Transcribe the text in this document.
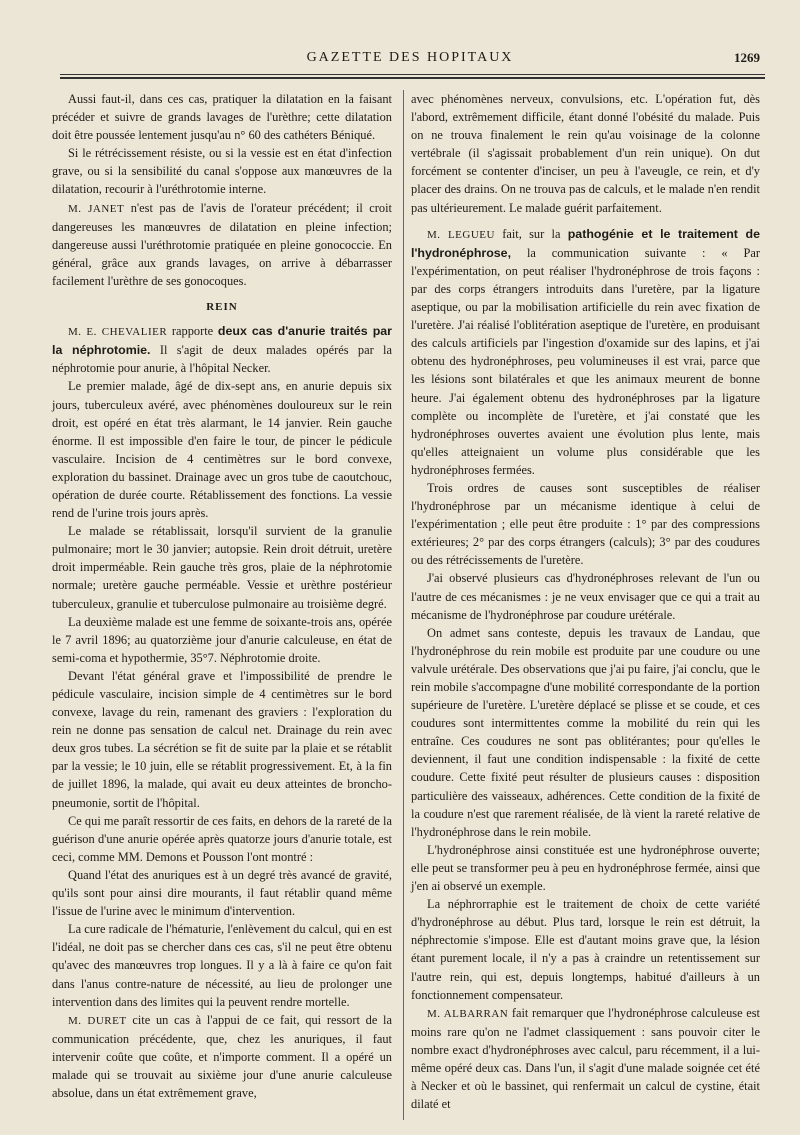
GAZETTE DES HOPITAUX	1269

Aussi faut-il, dans ces cas, pratiquer la dilatation en la faisant précéder et suivre de grands lavages de l'urèthre; cette dilatation doit être poussée lentement jusqu'au n° 60 des cathéters Béniqué.

Si le rétrécissement résiste, ou si la vessie est en état d'infection grave, ou si la sensibilité du canal s'oppose aux manœuvres de la dilatation, recourir à l'uréthrotomie interne.

M. JANET n'est pas de l'avis de l'orateur précédent; il croit dangereuses les manœuvres de dilatation en pleine infection; dangereuse aussi l'uréthrotomie pratiquée en pleine gonococcie. En général, grâce aux grands lavages, on arrive à débarrasser facilement l'urèthre de ses gonocoques.

REIN

M. E. CHEVALIER rapporte deux cas d'anurie traités par la néphrotomie. Il s'agit de deux malades opérés par la néphrotomie pour anurie, à l'hôpital Necker.

Le premier malade, âgé de dix-sept ans, en anurie depuis six jours, tuberculeux avéré, avec phénomènes douloureux sur le rein droit, est opéré en état très alarmant, le 14 janvier. Rein gauche énorme. Il est impossible d'en faire le tour, de pincer le pédicule vasculaire. Incision de 4 centimètres sur le bord convexe, exploration du bassinet. Drainage avec un gros tube de caoutchouc, opération de durée courte. Rétablissement des fonctions. La vessie rend de l'urine trois jours après.

Le malade se rétablissait, lorsqu'il survient de la granulie pulmonaire; mort le 30 janvier; autopsie. Rein droit détruit, uretère droit imperméable. Rein gauche très gros, plaie de la néphrotomie normale; uretère gauche perméable. Vessie et urèthre postérieur tuberculeux, granulie et tuberculose pulmonaire au troisième degré.

La deuxième malade est une femme de soixante-trois ans, opérée le 7 avril 1896; au quatorzième jour d'anurie calculeuse, en état de semi-coma et hypothermie, 35°7. Néphrotomie droite.

Devant l'état général grave et l'impossibilité de prendre le pédicule vasculaire, incision simple de 4 centimètres sur le bord convexe, lavage du rein, ramenant des graviers : l'exploration du rein ne donne pas sensation de calcul net. Drainage du rein avec deux gros tubes. La sécrétion se fit de suite par la plaie et se rétablit par la vessie; le 10 juin, elle se rétablit progressivement. Et, à la fin de juillet 1896, la malade, qui avait eu deux atteintes de broncho-pneumonie, sortit de l'hôpital.

Ce qui me paraît ressortir de ces faits, en dehors de la rareté de la guérison d'une anurie opérée après quatorze jours d'anurie totale, est ceci, comme MM. Demons et Pousson l'ont montré :

Quand l'état des anuriques est à un degré très avancé de gravité, qu'ils sont pour ainsi dire mourants, il faut rétablir quand même l'issue de l'urine avec le minimum d'intervention.

La cure radicale de l'hématurie, l'enlèvement du calcul, qui en est l'idéal, ne doit pas se chercher dans ces cas, s'il ne peut être obtenu qu'avec des manœuvres trop longues. Il y a là à faire ce qu'on fait dans l'anus contre-nature de nécessité, au lieu de prolonger une intervention dans des limites qui la peuvent rendre mortelle.

M. DURET cite un cas à l'appui de ce fait, qui ressort de la communication précédente, que, chez les anuriques, il faut intervenir coûte que coûte, et n'importe comment. Il a opéré un malade qui se trouvait au sixième jour d'une anurie calculeuse absolue, dans un état extrêmement grave,

avec phénomènes nerveux, convulsions, etc. L'opération fut, dès l'abord, extrêmement difficile, étant donné l'obésité du malade. Puis on ne trouva finalement le rein qu'au voisinage de la colonne vertébrale (il s'agissait probablement d'un rein unique). On dut forcément se contenter d'inciser, un peu à l'aveugle, ce rein, et d'y placer des drains. On ne trouva pas de calculs, et le malade n'en rendit pas ultérieurement. Le malade guérit parfaitement.

M. LEGUEU fait, sur la pathogénie et le traitement de l'hydronéphrose, la communication suivante : « Par l'expérimentation, on peut réaliser l'hydronéphrose de trois façons : par des corps étrangers introduits dans l'uretère, par la ligature aseptique, ou par la mobilisation artificielle du rein avec fixation de l'uretère. J'ai réalisé l'oblitération aseptique de l'uretère, en produisant des calculs artificiels par l'ingestion d'oxamide sur des lapins, et j'ai obtenu des hydronéphroses, peu volumineuses il est vrai, parce que les lésions sont bilatérales et que les animaux meurent de bonne heure. J'ai également obtenu des hydronéphroses par la ligature complète ou incomplète de l'uretère, et j'ai constaté que les hydronéphroses ouvertes avaient une évolution plus lente, mais qu'elles atteignaient un volume plus considérable que les hydronéphroses fermées.

Trois ordres de causes sont susceptibles de réaliser l'hydronéphrose par un mécanisme identique à celui de l'expérimentation ; elle peut être produite : 1° par des compressions extérieures; 2° par des corps étrangers (calculs); 3° par des coudures ou des rétrécissements de l'uretère.

J'ai observé plusieurs cas d'hydronéphroses relevant de l'un ou l'autre de ces mécanismes : je ne veux envisager que ce qui a trait au mécanisme de l'hydronéphrose par coudure urétérale.

On admet sans conteste, depuis les travaux de Landau, que l'hydronéphrose du rein mobile est produite par une coudure ou une valvule urétérale. Des observations que j'ai pu faire, j'ai conclu, que le rein mobile s'accompagne d'une mobilité correspondante de la portion supérieure de l'uretère. L'uretère déplacé se plisse et se coude, et ces coudures sont intermittentes comme la mobilité du rein qui les entraîne. Ces coudures ne sont pas oblitérantes; pour qu'elles le deviennent, il faut une condition indispensable : la fixité de cette coudure. Cette fixité peut résulter de plusieurs causes : disposition particulière des vaisseaux, adhérences. Cette condition de la fixité de la coudure n'est que rarement réalisée, de là vient la rareté relative de l'hydronéphrose dans le rein mobile.

L'hydronéphrose ainsi constituée est une hydronéphrose ouverte; elle peut se transformer peu à peu en hydronéphrose fermée, ainsi que j'en ai observé un exemple.

La néphrorraphie est le traitement de choix de cette variété d'hydronéphrose au début. Plus tard, lorsque le rein est détruit, la néphrectomie s'impose. Elle est d'autant moins grave que, la lésion étant purement locale, il n'y a pas à craindre un retentissement sur l'autre rein, qui est, depuis longtemps, habitué d'ailleurs à un fonctionnement compensateur.

M. ALBARRAN fait remarquer que l'hydronéphrose calculeuse est moins rare qu'on ne l'admet classiquement : sans pouvoir citer le nombre exact d'hydronéphroses avec calcul, paru récemment, il a lui-même opéré deux cas. Dans l'un, il s'agit d'une malade soignée cet été à Necker et où le bassinet, qui renfermait un calcul de cystine, était dilaté et
